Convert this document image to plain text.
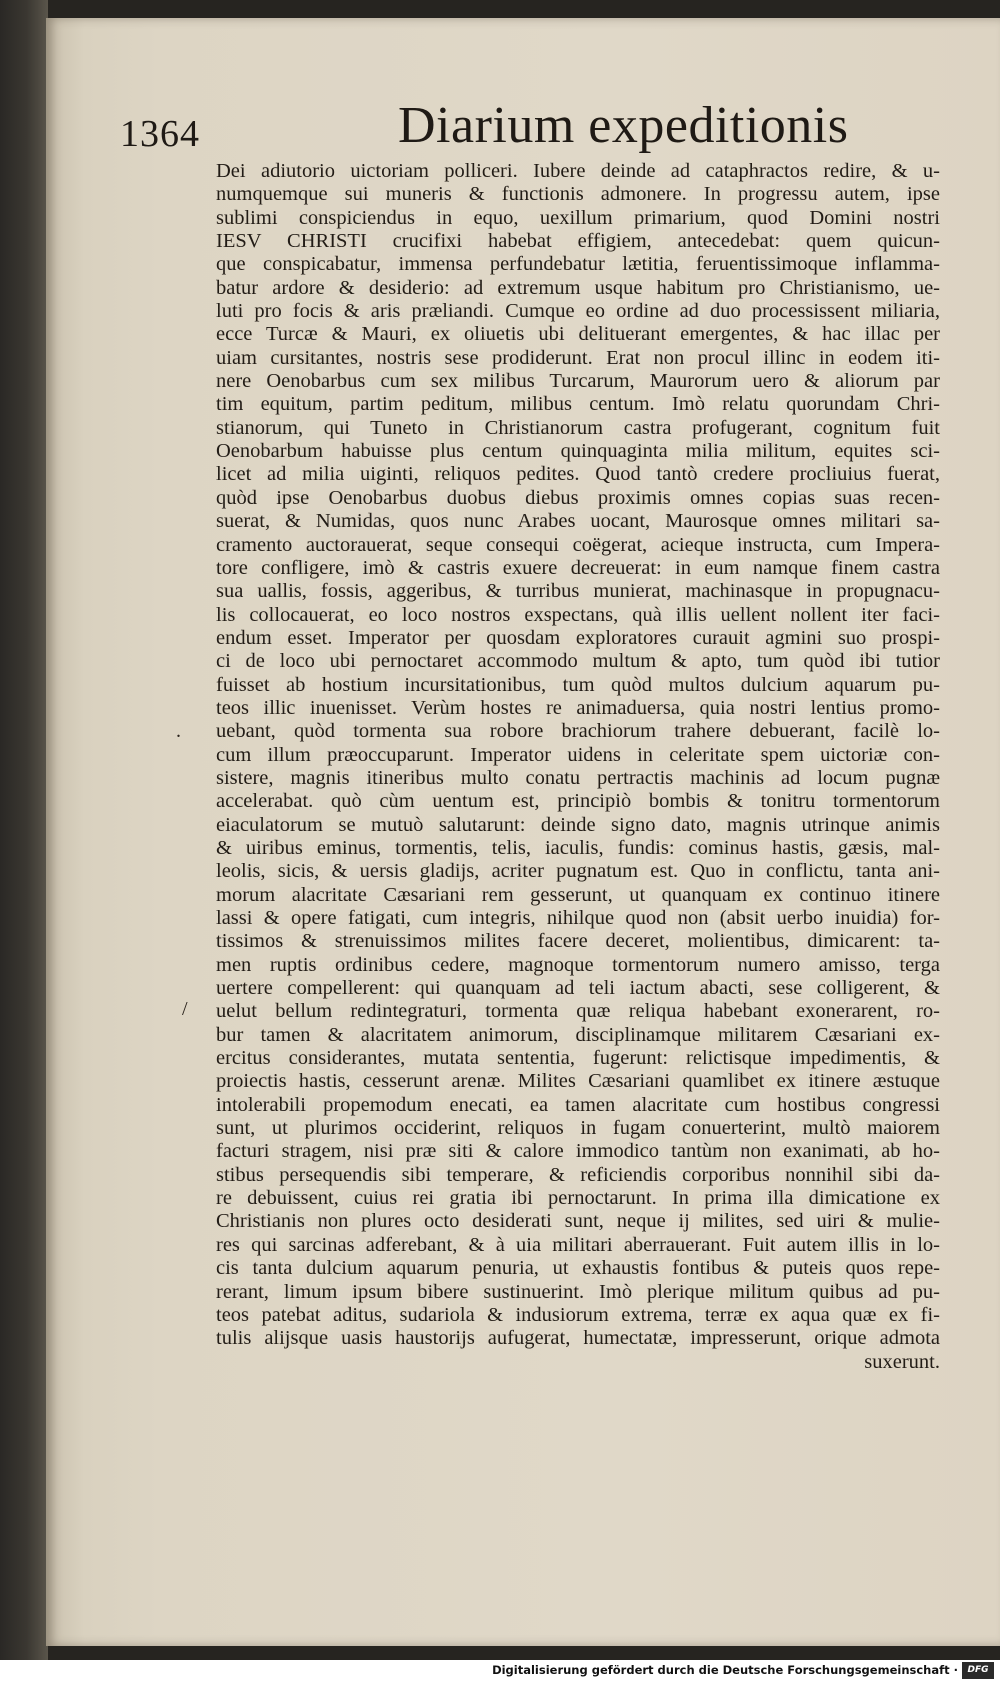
1364	Diarium expeditionis
.
/
Dei adiutorio uictoriam polliceri. Iubere deinde ad cataphractos redire, & u-
numquemque sui muneris & functionis admonere. In progressu autem, ipse
sublimi conspiciendus in equo, uexillum primarium, quod Domini nostri
IESV CHRISTI crucifixi habebat effigiem, antecedebat: quem quicun-
que conspicabatur, immensa perfundebatur lætitia, feruentissimoque inflamma-
batur ardore & desiderio: ad extremum usque habitum pro Christianismo, ue-
luti pro focis & aris præliandi. Cumque eo ordine ad duo processissent miliaria,
ecce Turcæ & Mauri, ex oliuetis ubi delituerant emergentes, & hac illac per
uiam cursitantes, nostris sese prodiderunt. Erat non procul illinc in eodem iti-
nere Oenobarbus cum sex milibus Turcarum, Maurorum uero & aliorum par
tim equitum, partim peditum, milibus centum. Imò relatu quorundam Chri-
stianorum, qui Tuneto in Christianorum castra profugerant, cognitum fuit
Oenobarbum habuisse plus centum quinquaginta milia militum, equites sci-
licet ad milia uiginti, reliquos pedites. Quod tantò credere procliuius fuerat,
quòd ipse Oenobarbus duobus diebus proximis omnes copias suas recen-
suerat, & Numidas, quos nunc Arabes uocant, Maurosque omnes militari sa-
cramento auctorauerat, seque consequi coëgerat, acieque instructa, cum Impera-
tore confligere, imò & castris exuere decreuerat: in eum namque finem castra
sua uallis, fossis, aggeribus, & turribus munierat, machinasque in propugnacu-
lis collocauerat, eo loco nostros exspectans, quà illis uellent nollent iter faci-
endum esset. Imperator per quosdam exploratores curauit agmini suo prospi-
ci de loco ubi pernoctaret accommodo multum & apto, tum quòd ibi tutior
fuisset ab hostium incursitationibus, tum quòd multos dulcium aquarum pu-
teos illic inuenisset. Verùm hostes re animaduersa, quia nostri lentius promo-
uebant, quòd tormenta sua robore brachiorum trahere debuerant, facilè lo-
cum illum præoccuparunt. Imperator uidens in celeritate spem uictoriæ con-
sistere, magnis itineribus multo conatu pertractis machinis ad locum pugnæ
accelerabat. quò cùm uentum est, principiò bombis & tonitru tormentorum
eiaculatorum se mutuò salutarunt: deinde signo dato, magnis utrinque animis
& uiribus eminus, tormentis, telis, iaculis, fundis: cominus hastis, gæsis, mal-
leolis, sicis, & uersis gladijs, acriter pugnatum est. Quo in conflictu, tanta ani-
morum alacritate Cæsariani rem gesserunt, ut quanquam ex continuo itinere
lassi & opere fatigati, cum integris, nihilque quod non (absit uerbo inuidia) for-
tissimos & strenuissimos milites facere deceret, molientibus, dimicarent: ta-
men ruptis ordinibus cedere, magnoque tormentorum numero amisso, terga
uertere compellerent: qui quanquam ad teli iactum abacti, sese colligerent, &
uelut bellum redintegraturi, tormenta quæ reliqua habebant exonerarent, ro-
bur tamen & alacritatem animorum, disciplinamque militarem Cæsariani ex-
ercitus considerantes, mutata sententia, fugerunt: relictisque impedimentis, &
proiectis hastis, cesserunt arenæ. Milites Cæsariani quamlibet ex itinere æstuque
intolerabili propemodum enecati, ea tamen alacritate cum hostibus congressi
sunt, ut plurimos occiderint, reliquos in fugam conuerterint, multò maiorem
facturi stragem, nisi præ siti & calore immodico tantùm non exanimati, ab ho-
stibus persequendis sibi temperare, & reficiendis corporibus nonnihil sibi da-
re debuissent, cuius rei gratia ibi pernoctarunt. In prima illa dimicatione ex
Christianis non plures octo desiderati sunt, neque ij milites, sed uiri & mulie-
res qui sarcinas adferebant, & à uia militari aberrauerant. Fuit autem illis in lo-
cis tanta dulcium aquarum penuria, ut exhaustis fontibus & puteis quos repe-
rerant, limum ipsum bibere sustinuerint. Imò plerique militum quibus ad pu-
teos patebat aditus, sudariola & indusiorum extrema, terræ ex aqua quæ ex fi-
tulis alijsque uasis haustorijs aufugerat, humectatæ, impresserunt, orique admota
suxerunt.
Digitalisierung gefördert durch die Deutsche Forschungsgemeinschaft ·	DFG
